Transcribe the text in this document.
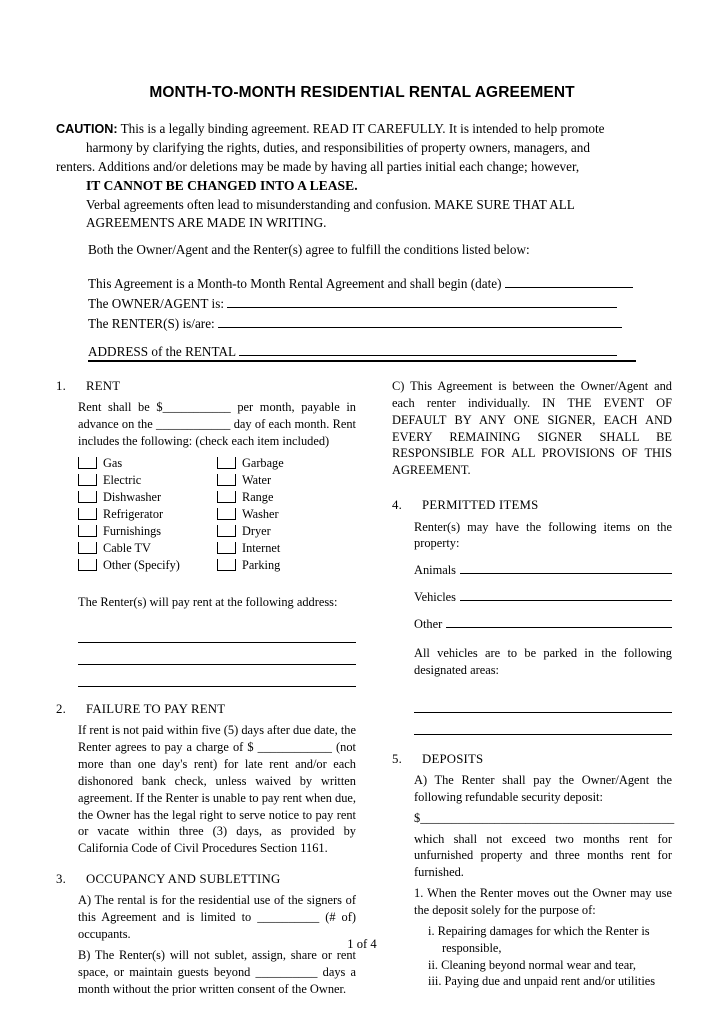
MONTH-TO-MONTH RESIDENTIAL RENTAL AGREEMENT
CAUTION: This is a legally binding agreement. READ IT CAREFULLY. It is intended to help promote
harmony by clarifying the rights, duties, and responsibilities of property owners, managers, and
renters. Additions and/or deletions may be made by having all parties initial each change; however,
IT CANNOT BE CHANGED INTO A LEASE.
Verbal agreements often lead to misunderstanding and confusion. MAKE SURE THAT ALL
AGREEMENTS ARE MADE IN WRITING.
Both the Owner/Agent and the Renter(s) agree to fulfill the conditions listed below:
This Agreement is a Month-to Month Rental Agreement and shall begin (date)
The OWNER/AGENT is:
The RENTER(S) is/are:
ADDRESS of the RENTAL
1.	RENT

Rent shall be $___________ per month, payable in advance on the ____________ day of each month. Rent includes the following: (check each item included)

Gas
Electric
Dishwasher
Refrigerator
Furnishings
Cable TV
Other (Specify)
Garbage
Water
Range
Washer
Dryer
Internet
Parking

The Renter(s) will pay rent at the following address:

2.	FAILURE TO PAY RENT

If rent is not paid within five (5) days after due date, the Renter agrees to pay a charge of $ ____________ (not more than one day's rent) for late rent and/or each dishonored bank check, unless waived by written agreement. If the Renter is unable to pay rent when due, the Owner has the legal right to serve notice to pay rent or vacate within three (3) days, as provided by California Code of Civil Procedures Section 1161.

3.	OCCUPANCY AND SUBLETTING

A) The rental is for the residential use of the signers of this Agreement and is limited to __________ (# of) occupants.

B) The Renter(s) will not sublet, assign, share or rent space, or maintain guests beyond __________ days a month without the prior written consent of the Owner.

C) This Agreement is between the Owner/Agent and each renter individually. IN THE EVENT OF DEFAULT BY ANY ONE SIGNER, EACH AND EVERY REMAINING SIGNER SHALL BE RESPONSIBLE FOR ALL PROVISIONS OF THIS AGREEMENT.

4.	PERMITTED ITEMS

Renter(s) may have the following items on the property:

Animals
Vehicles
Other

All vehicles are to be parked in the following designated areas:

5.	DEPOSITS

A) The Renter shall pay the Owner/Agent the following refundable security deposit:

$_________________________________________

which shall not exceed two months rent for unfurnished property and three months rent for furnished.

1. When the Renter moves out the Owner may use the deposit solely for the purpose of:

i. Repairing damages for which the Renter is

responsible,

ii. Cleaning beyond normal wear and tear,

iii. Paying due and unpaid rent and/or utilities

1 of 4
